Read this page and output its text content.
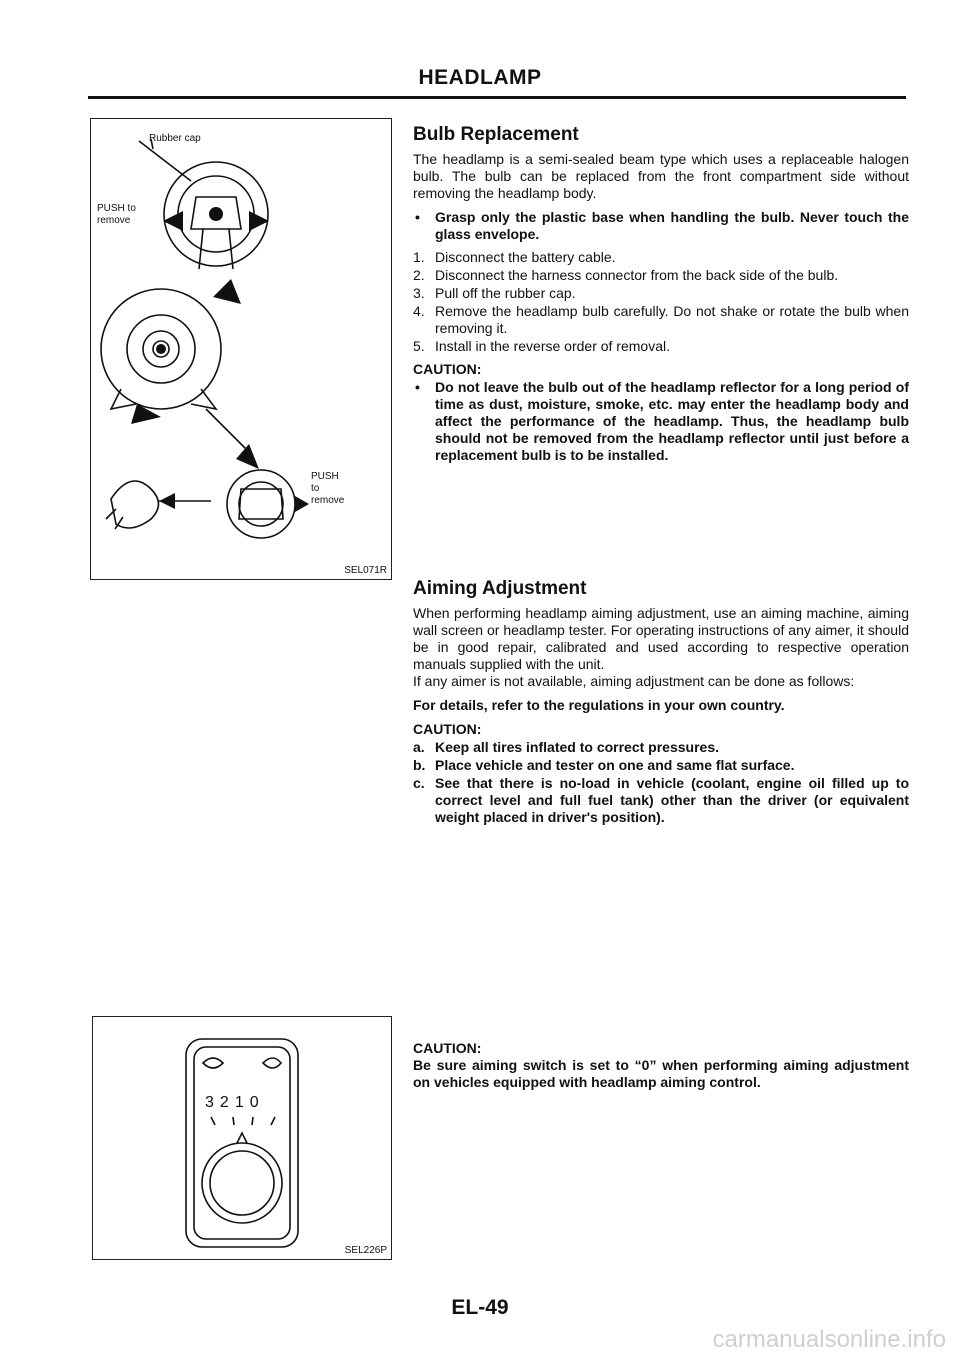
HEADLAMP
Rubber cap
PUSH to
remove
PUSH
to
remove
SEL071R
Bulb Replacement

The headlamp is a semi-sealed beam type which uses a replaceable halogen bulb. The bulb can be replaced from the front compartment side without removing the headlamp body.

• Grasp only the plastic base when handling the bulb. Never touch the glass envelope.
1. Disconnect the battery cable.
2. Disconnect the harness connector from the back side of the bulb.
3. Pull off the rubber cap.
4. Remove the headlamp bulb carefully. Do not shake or rotate the bulb when removing it.
5. Install in the reverse order of removal.
CAUTION:
• Do not leave the bulb out of the headlamp reflector for a long period of time as dust, moisture, smoke, etc. may enter the headlamp body and affect the performance of the headlamp. Thus, the headlamp bulb should not be removed from the headlamp reflector until just before a replacement bulb is to be installed.
Aiming Adjustment

When performing headlamp aiming adjustment, use an aiming machine, aiming wall screen or headlamp tester. For operating instructions of any aimer, it should be in good repair, calibrated and used according to respective operation manuals supplied with the unit.

If any aimer is not available, aiming adjustment can be done as follows:

For details, refer to the regulations in your own country.

CAUTION:
a. Keep all tires inflated to correct pressures.
b. Place vehicle and tester on one and same flat surface.
c. See that there is no-load in vehicle (coolant, engine oil filled up to correct level and full fuel tank) other than the driver (or equivalent weight placed in driver's position).
3210
SEL226P
CAUTION:

Be sure aiming switch is set to “0” when performing aiming adjustment on vehicles equipped with headlamp aiming control.

EL-49
carmanualsonline.info
